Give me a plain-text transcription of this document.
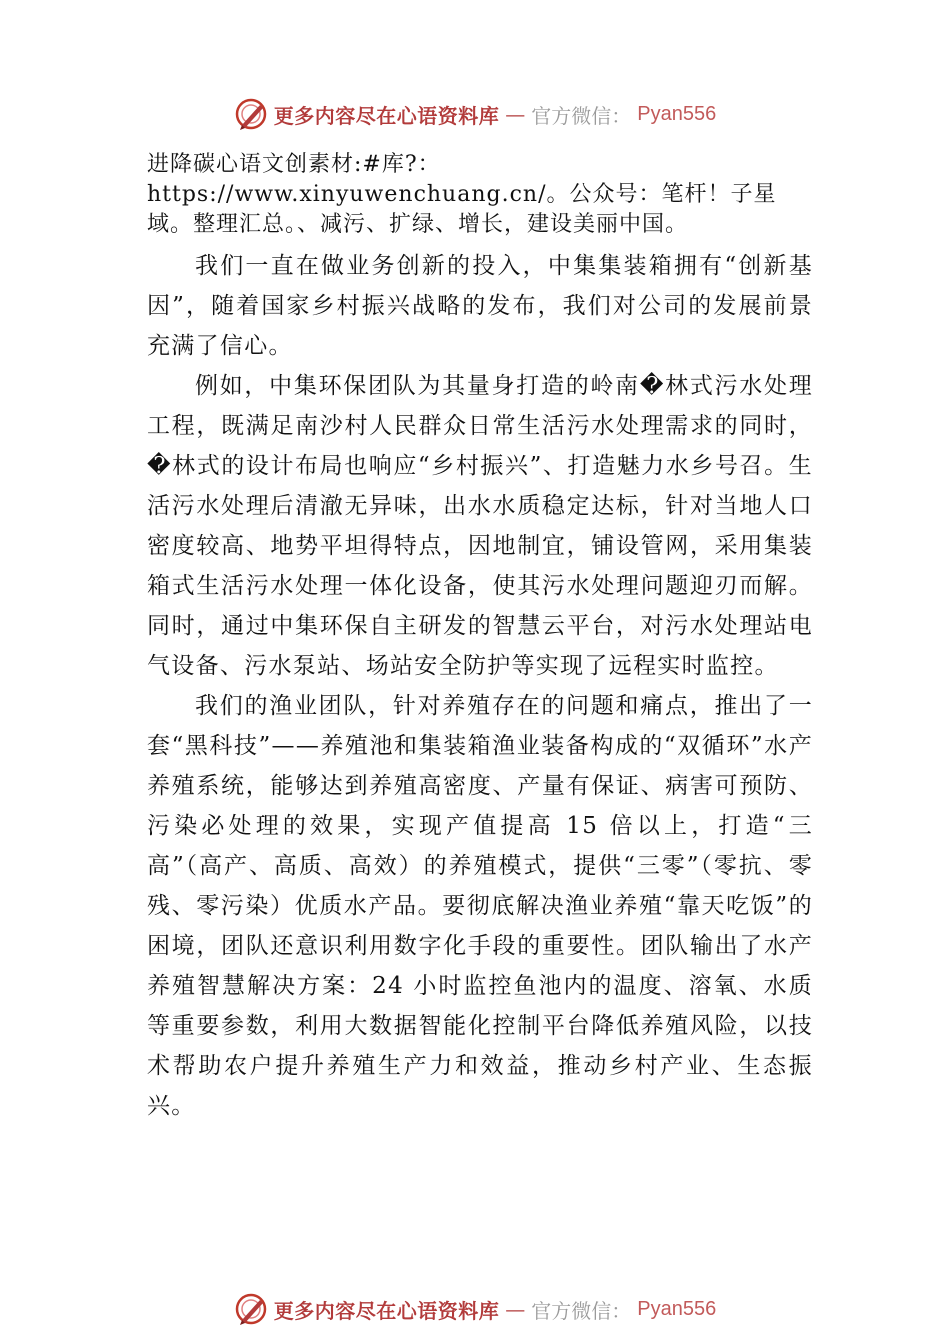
更多内容尽在心语资料库 — 官方微信： Pyan556

进降碳心语文创素材:#库?：https://www.xinyuwenchuang.cn/。公众号：笔杆！子星域。整理汇总。、减污、扩绿、增长，建设美丽中国。

我们一直在做业务创新的投入，中集集装箱拥有“创新基因”，随着国家乡村振兴战略的发布，我们对公司的发展前景充满了信心。

例如，中集环保团队为其量身打造的岭南�林式污水处理工程，既满足南沙村人民群众日常生活污水处理需求的同时，�林式的设计布局也响应“乡村振兴”、打造魅力水乡号召。生活污水处理后清澈无异味，出水水质稳定达标，针对当地人口密度较高、地势平坦得特点，因地制宜，铺设管网，采用集装箱式生活污水处理一体化设备，使其污水处理问题迎刃而解。同时，通过中集环保自主研发的智慧云平台，对污水处理站电气设备、污水泵站、场站安全防护等实现了远程实时监控。

我们的渔业团队，针对养殖存在的问题和痛点，推出了一套“黑科技”——养殖池和集装箱渔业装备构成的“双循环”水产养殖系统，能够达到养殖高密度、产量有保证、病害可预防、污染必处理的效果，实现产值提高 15 倍以上，打造“三高”（高产、高质、高效）的养殖模式，提供“三零”（零抗、零残、零污染）优质水产品。要彻底解决渔业养殖“靠天吃饭”的困境，团队还意识利用数字化手段的重要性。团队输出了水产养殖智慧解决方案：24 小时监控鱼池内的温度、溶氧、水质等重要参数，利用大数据智能化控制平台降低养殖风险，以技术帮助农户提升养殖生产力和效益，推动乡村产业、生态振兴。

更多内容尽在心语资料库 — 官方微信： Pyan556
